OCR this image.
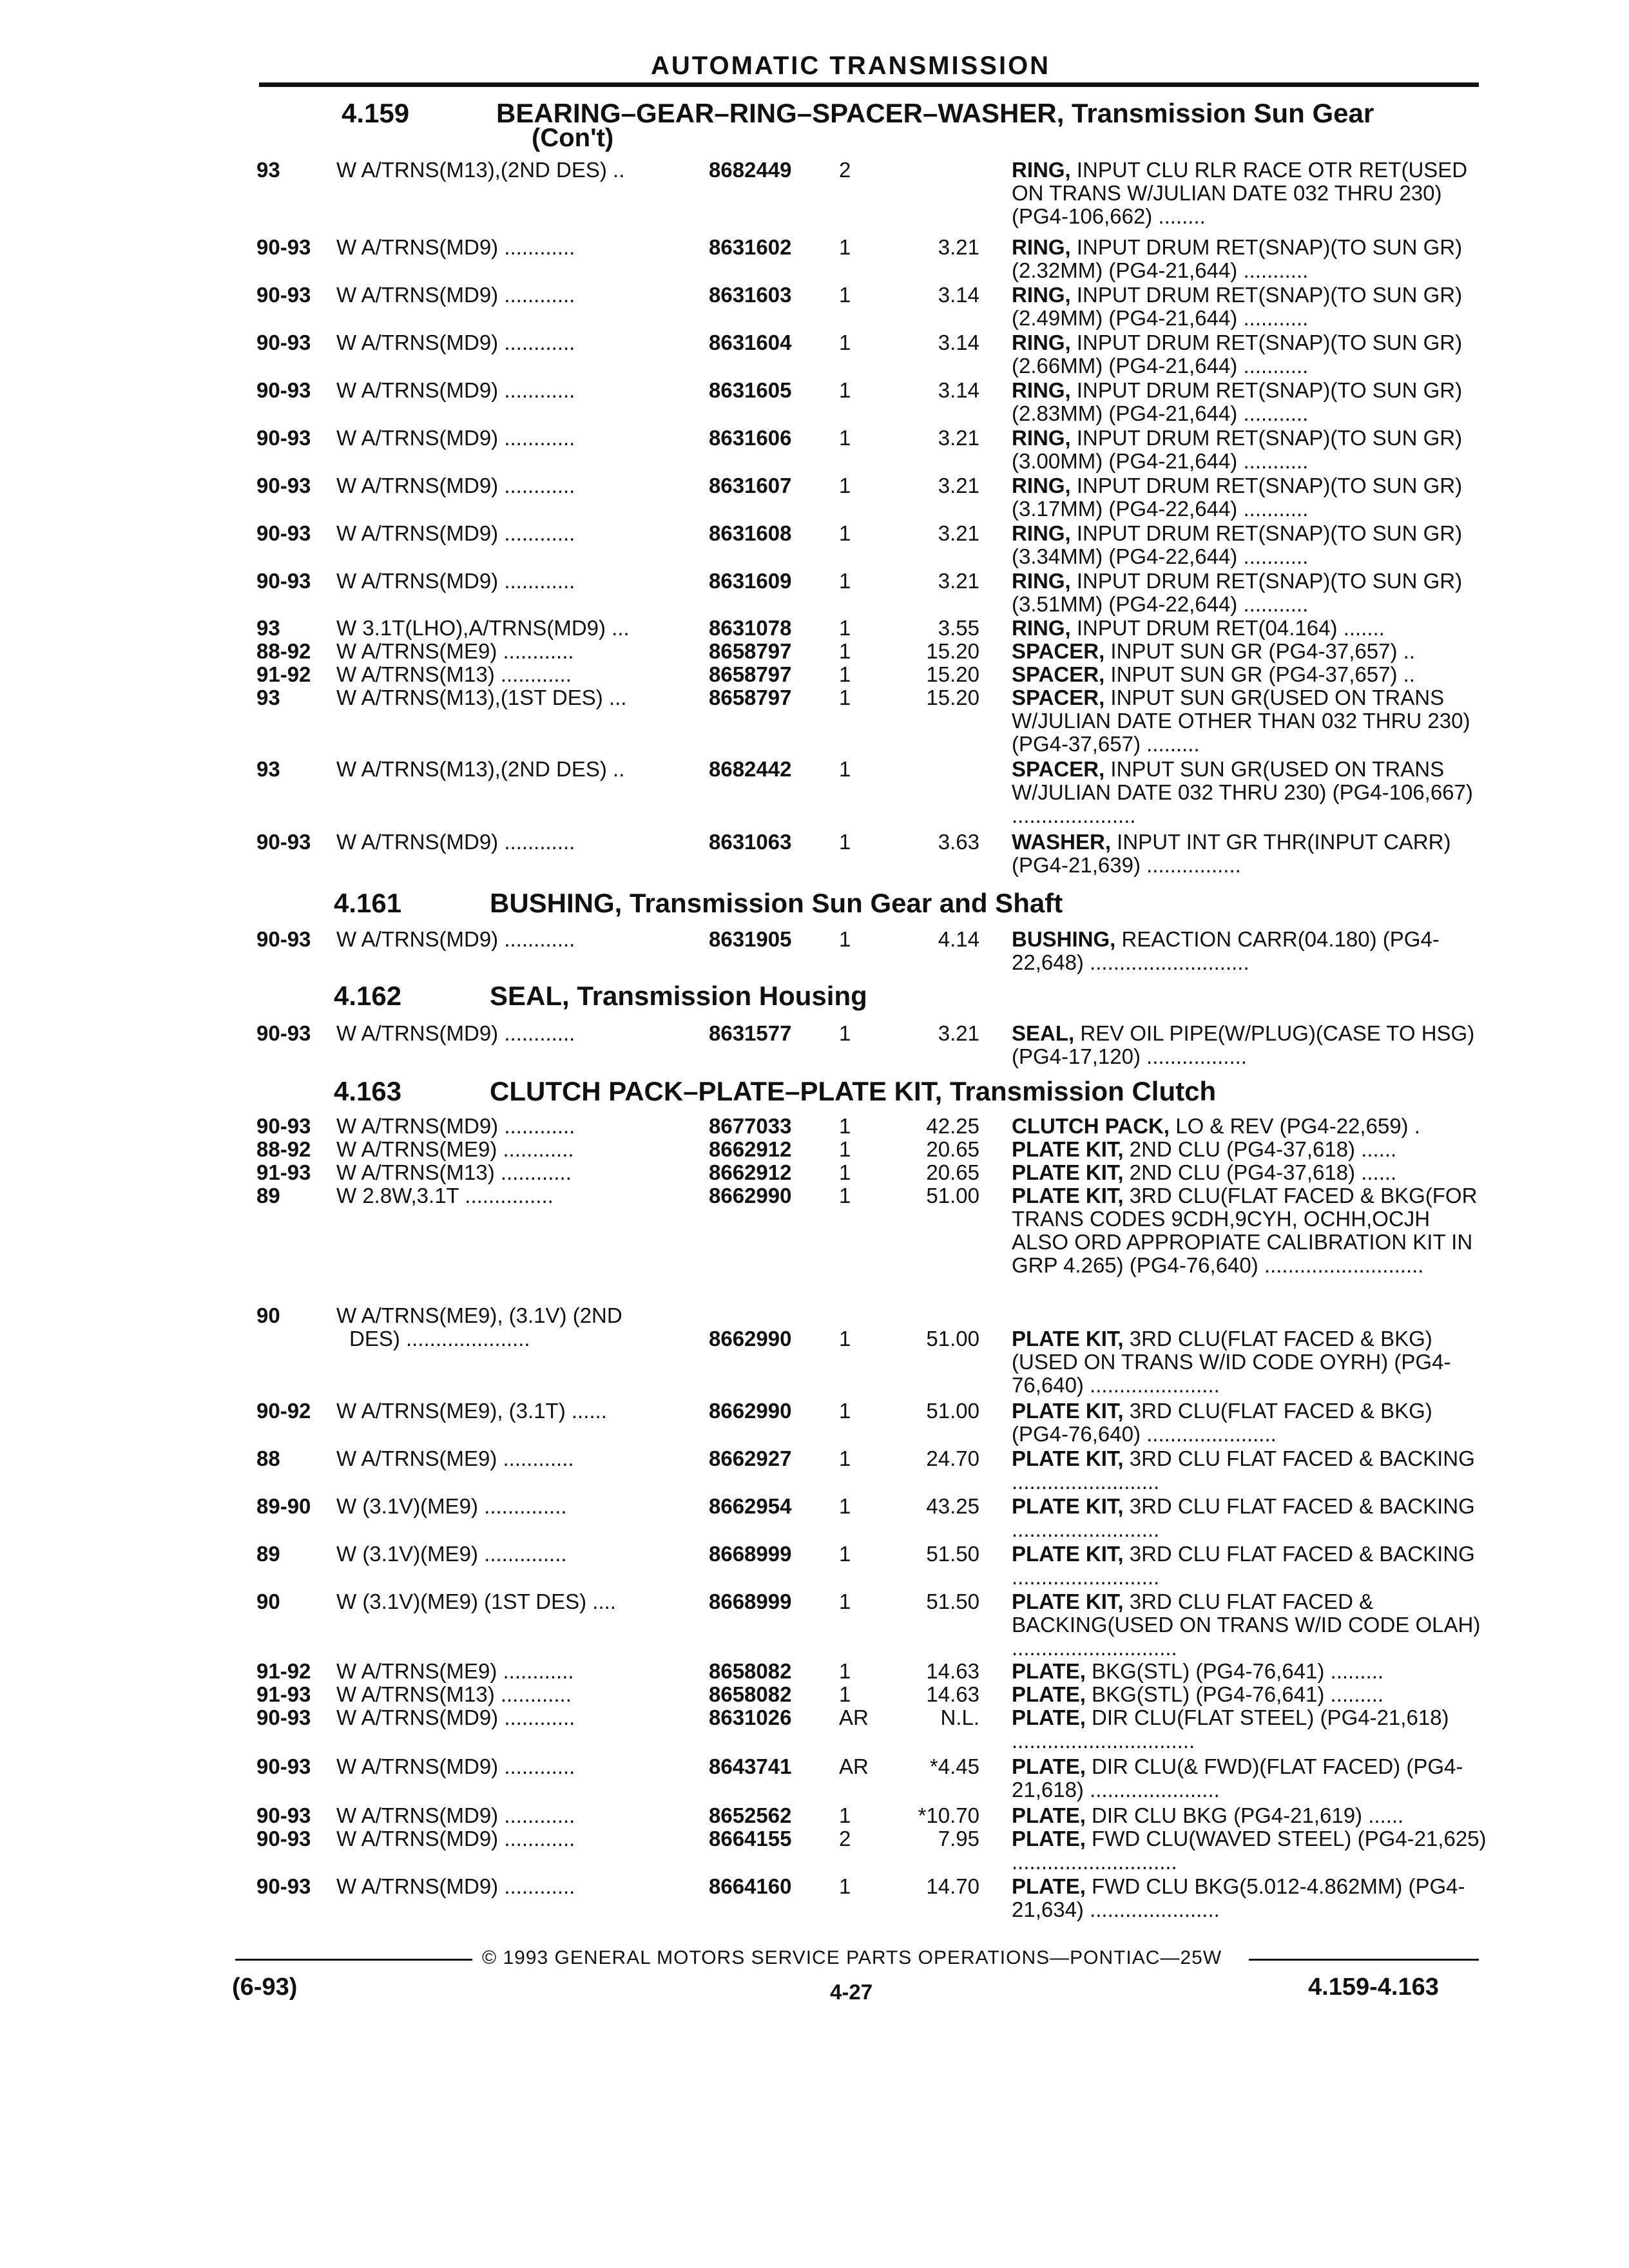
AUTOMATIC TRANSMISSION
4.159	BEARING–GEAR–RING–SPACER–WASHER, Transmission Sun Gear
(Con't)
93	W A/TRNS(M13),(2ND DES) ..	8682449 2	RING, INPUT CLU RLR RACE OTR RET(USED ON TRANS W/JULIAN DATE 032 THRU 230) (PG4-106,662) ........
90-93 W A/TRNS(MD9) ............	8631602 1	3.21 RING, INPUT DRUM RET(SNAP)(TO SUN GR)(2.32MM) (PG4-21,644) ...........
90-93 W A/TRNS(MD9) ............	8631603 1	3.14 RING, INPUT DRUM RET(SNAP)(TO SUN GR)(2.49MM) (PG4-21,644) ...........
90-93 W A/TRNS(MD9) ............	8631604 1	3.14 RING, INPUT DRUM RET(SNAP)(TO SUN GR)(2.66MM) (PG4-21,644) ...........
90-93 W A/TRNS(MD9) ............	8631605 1	3.14 RING, INPUT DRUM RET(SNAP)(TO SUN GR)(2.83MM) (PG4-21,644) ...........
90-93 W A/TRNS(MD9) ............	8631606 1	3.21 RING, INPUT DRUM RET(SNAP)(TO SUN GR)(3.00MM) (PG4-21,644) ...........
90-93 W A/TRNS(MD9) ............	8631607 1	3.21 RING, INPUT DRUM RET(SNAP)(TO SUN GR)(3.17MM) (PG4-22,644) ...........
90-93 W A/TRNS(MD9) ............	8631608 1	3.21 RING, INPUT DRUM RET(SNAP)(TO SUN GR)(3.34MM) (PG4-22,644) ...........
90-93 W A/TRNS(MD9) ............	8631609 1	3.21 RING, INPUT DRUM RET(SNAP)(TO SUN GR)(3.51MM) (PG4-22,644) ...........
93	W 3.1T(LHO),A/TRNS(MD9) ...	8631078 1	3.55 RING, INPUT DRUM RET(04.164) .......
88-92 W A/TRNS(ME9) ............	8658797 1	15.20 SPACER, INPUT SUN GR (PG4-37,657) ..
91-92 W A/TRNS(M13) ............	8658797 1	15.20 SPACER, INPUT SUN GR (PG4-37,657) ..
93	W A/TRNS(M13),(1ST DES) ...	8658797 1	15.20 SPACER, INPUT SUN GR(USED ON TRANS W/JULIAN DATE OTHER THAN 032 THRU 230) (PG4-37,657) .........
93	W A/TRNS(M13),(2ND DES) ..	8682442 1	SPACER, INPUT SUN GR(USED ON TRANS W/JULIAN DATE 032 THRU 230) (PG4-106,667) .....................
90-93 W A/TRNS(MD9) ............	8631063 1	3.63 WASHER, INPUT INT GR THR(INPUT CARR) (PG4-21,639) ................
4.161	BUSHING, Transmission Sun Gear and Shaft
90-93 W A/TRNS(MD9) ............	8631905 1	4.14 BUSHING, REACTION CARR(04.180) (PG4-22,648) ...........................
4.162	SEAL, Transmission Housing
90-93 W A/TRNS(MD9) ............	8631577 1	3.21 SEAL, REV OIL PIPE(W/PLUG)(CASE TO HSG) (PG4-17,120) .................
4.163	CLUTCH PACK–PLATE–PLATE KIT, Transmission Clutch
90-93 W A/TRNS(MD9) ............	8677033 1	42.25 CLUTCH PACK, LO & REV (PG4-22,659) .
88-92 W A/TRNS(ME9) ............	8662912 1	20.65 PLATE KIT, 2ND CLU (PG4-37,618) ......
91-93 W A/TRNS(M13) ............	8662912 1	20.65 PLATE KIT, 2ND CLU (PG4-37,618) ......
89	W 2.8W,3.1T ...............	8662990 1	51.00 PLATE KIT, 3RD CLU(FLAT FACED & BKG(FOR TRANS CODES 9CDH,9CYH, OCHH,OCJH ALSO ORD APPROPIATE CALIBRATION KIT IN GRP 4.265) (PG4-76,640) ...........................
90	W A/TRNS(ME9), (3.1V) (2ND
DES) .....................	8662990 1	51.00 PLATE KIT, 3RD CLU(FLAT FACED & BKG) (USED ON TRANS W/ID CODE OYRH) (PG4-76,640) ......................
90-92 W A/TRNS(ME9), (3.1T) ......	8662990 1	51.00 PLATE KIT, 3RD CLU(FLAT FACED & BKG) (PG4-76,640) ......................
88	W A/TRNS(ME9) ............	8662927 1	24.70 PLATE KIT, 3RD CLU FLAT FACED & BACKING .........................
89-90 W (3.1V)(ME9) ..............	8662954 1	43.25 PLATE KIT, 3RD CLU FLAT FACED & BACKING .........................
89	W (3.1V)(ME9) ..............	8668999 1	51.50 PLATE KIT, 3RD CLU FLAT FACED & BACKING .........................
90	W (3.1V)(ME9) (1ST DES) ....	8668999 1	51.50 PLATE KIT, 3RD CLU FLAT FACED & BACKING(USED ON TRANS W/ID CODE OLAH) ............................
91-92 W A/TRNS(ME9) ............	8658082 1	14.63 PLATE, BKG(STL) (PG4-76,641) .........
91-93 W A/TRNS(M13) ............	8658082 1	14.63 PLATE, BKG(STL) (PG4-76,641) .........
90-93 W A/TRNS(MD9) ............	8631026 AR	N.L. PLATE, DIR CLU(FLAT STEEL) (PG4-21,618) ...............................
90-93 W A/TRNS(MD9) ............	8643741 AR	*4.45 PLATE, DIR CLU(& FWD)(FLAT FACED) (PG4-21,618) ......................
90-93 W A/TRNS(MD9) ............	8652562 1	*10.70 PLATE, DIR CLU BKG (PG4-21,619) ......
90-93 W A/TRNS(MD9) ............	8664155 2	7.95 PLATE, FWD CLU(WAVED STEEL) (PG4-21,625) ............................
90-93 W A/TRNS(MD9) ............	8664160 1	14.70 PLATE, FWD CLU BKG(5.012-4.862MM) (PG4-21,634) ......................
© 1993 GENERAL MOTORS SERVICE PARTS OPERATIONS—PONTIAC—25W
(6-93)	4-27	4.159-4.163
